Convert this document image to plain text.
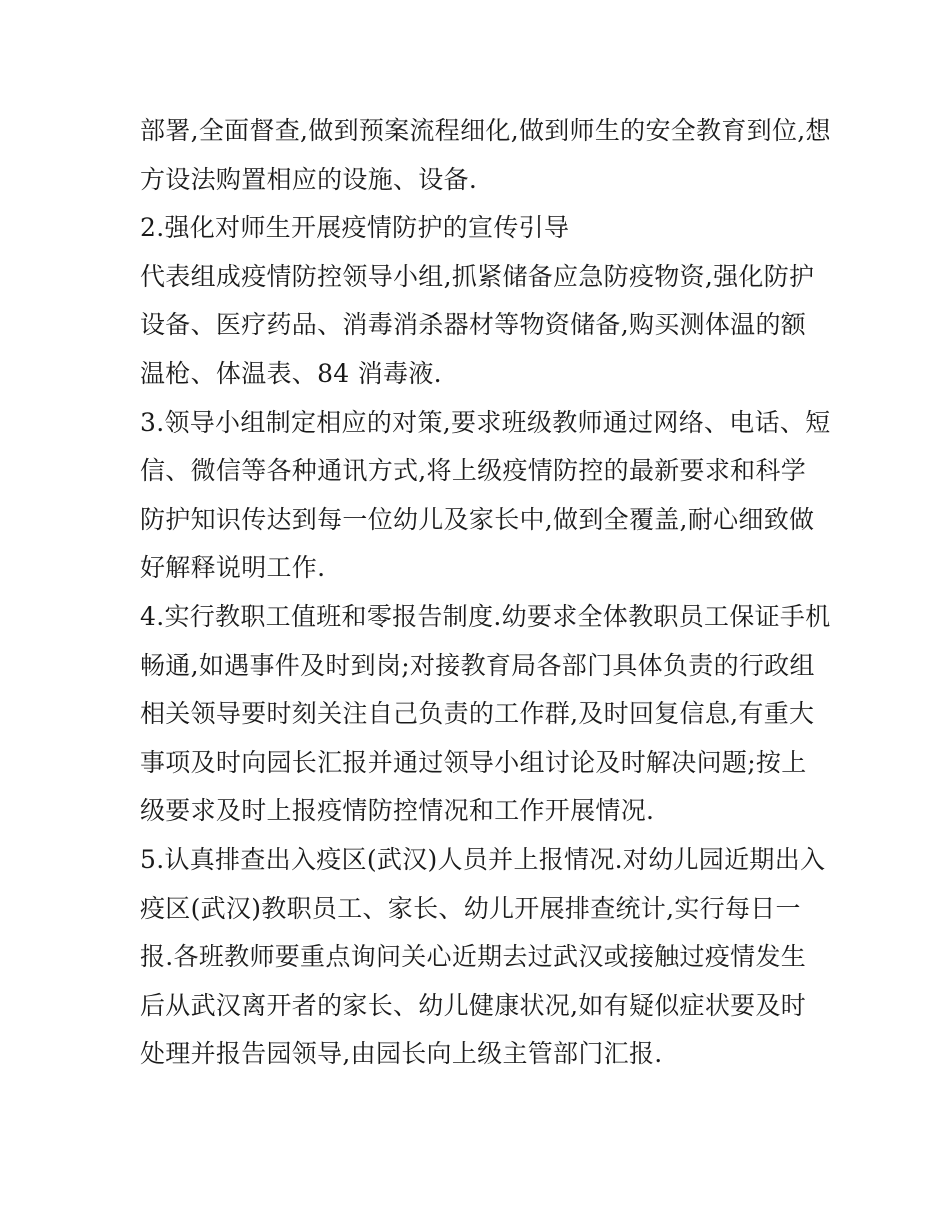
部署,全面督查,做到预案流程细化,做到师生的安全教育到位,想
方设法购置相应的设施、设备.
2.强化对师生开展疫情防护的宣传引导
代表组成疫情防控领导小组,抓紧储备应急防疫物资,强化防护
设备、医疗药品、消毒消杀器材等物资储备,购买测体温的额
温枪、体温表、84 消毒液.
3.领导小组制定相应的对策,要求班级教师通过网络、电话、短
信、微信等各种通讯方式,将上级疫情防控的最新要求和科学
防护知识传达到每一位幼儿及家长中,做到全覆盖,耐心细致做
好解释说明工作.
4.实行教职工值班和零报告制度.幼要求全体教职员工保证手机
畅通,如遇事件及时到岗;对接教育局各部门具体负责的行政组
相关领导要时刻关注自己负责的工作群,及时回复信息,有重大
事项及时向园长汇报并通过领导小组讨论及时解决问题;按上
级要求及时上报疫情防控情况和工作开展情况.
5.认真排查出入疫区(武汉)人员并上报情况.对幼儿园近期出入
疫区(武汉)教职员工、家长、幼儿开展排查统计,实行每日一
报.各班教师要重点询问关心近期去过武汉或接触过疫情发生
后从武汉离开者的家长、幼儿健康状况,如有疑似症状要及时
处理并报告园领导,由园长向上级主管部门汇报.
